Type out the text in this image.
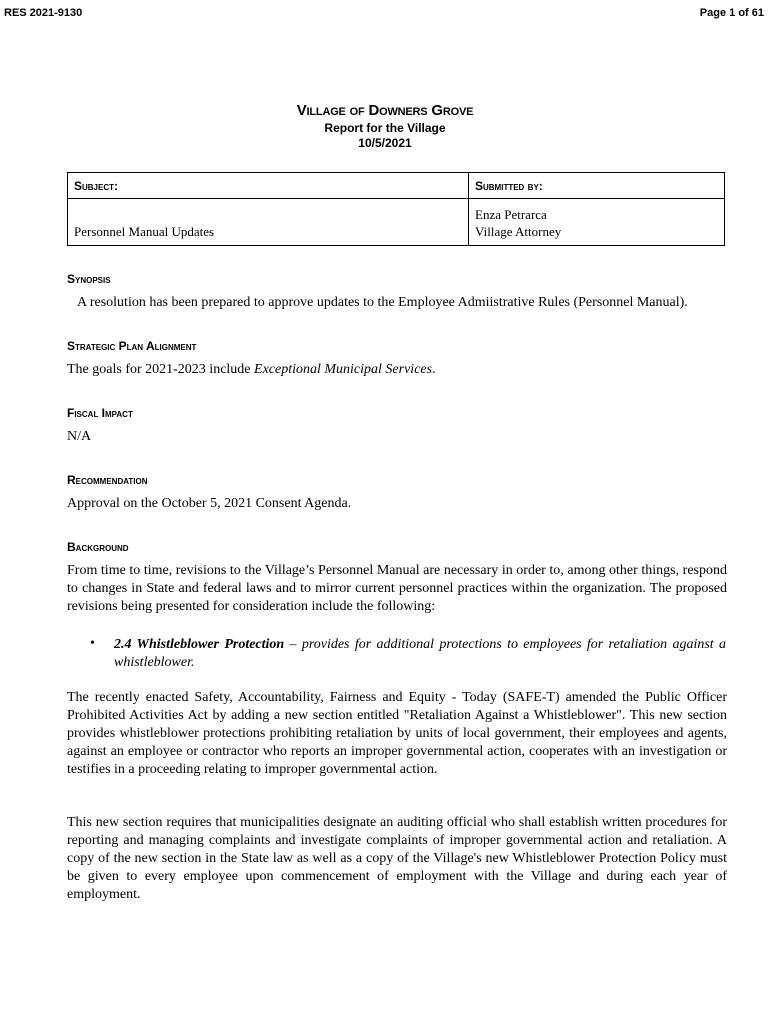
RES 2021-9130	Page 1 of 61
Village of Downers Grove
Report for the Village
10/5/2021
Subject:	Submitted by:

Personnel Manual Updates	Enza Petrarca
Village Attorney
Synopsis
A resolution has been prepared to approve updates to the Employee Admiistrative Rules (Personnel Manual).
Strategic Plan Alignment
The goals for 2021-2023 include Exceptional Municipal Services.
Fiscal Impact
N/A
Recommendation
Approval on the October 5, 2021 Consent Agenda.
Background
From time to time, revisions to the Village’s Personnel Manual are necessary in order to, among other things, respond to changes in State and federal laws and to mirror current personnel practices within the organization. The proposed revisions being presented for consideration include the following:
• 2.4 Whistleblower Protection – provides for additional protections to employees for retaliation against a whistleblower.
The recently enacted Safety, Accountability, Fairness and Equity - Today (SAFE-T) amended the Public Officer Prohibited Activities Act by adding a new section entitled "Retaliation Against a Whistleblower". This new section provides whistleblower protections prohibiting retaliation by units of local government, their employees and agents, against an employee or contractor who reports an improper governmental action, cooperates with an investigation or testifies in a proceeding relating to improper governmental action.
This new section requires that municipalities designate an auditing official who shall establish written procedures for reporting and managing complaints and investigate complaints of improper governmental action and retaliation. A copy of the new section in the State law as well as a copy of the Village's new Whistleblower Protection Policy must be given to every employee upon commencement of employment with the Village and during each year of employment.
